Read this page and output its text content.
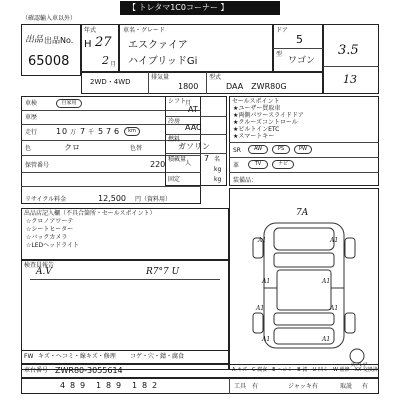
【 トレタマ1C0コーナー 】
（確認輸入車以外）
出品 出品No.
65008
年式
H 27
2 月
車名・グレード
エスクァイア
ハイブリッドGi
ドア
5
型
ワゴン
3.5
13
2WD・4WD
排気量
1800
型式
DAA　ZWR80G
車検	自家用	月
車歴
走行 1 0 万 7 千 5 7 6	km
色	クロ	色替
人
保管番号	220
リサイクル料金	12,500 円（資料用）
シフト
AT
冷房
AAC
燃料
ガソリン
積載量 7 名
kg
固定	kg
セールスポイント
★ユーザー買取車
★両側パワースライドドア
★クルーズコントロール
★ビルトインETC
★スマートキー
SR	AW	PS	PW
革	TV	ナビ
装備品：
出品店記入欄（不具合箇所・セールスポイント）
☆クロノアワーテ
☆シートヒーター
☆バックカメラ
☆LEDヘッドライト
検査員報告
A.V	R7°7 U
7A
A1	A1
A1	A1
A1	A1
A1	A1
スペア
FW キズ・ヘコミ・線キズ・修理 コゲ・穴・錆・腐食
車台番号 ZWR80-3055614	A-キズ　C-腐食　E-ヘコミ　B-錆　U-凹ミ　W-補修　XX-交換済
4 8 9 1 8 9 1 8 2	工具 有	ジャッキ 有	取説 有
